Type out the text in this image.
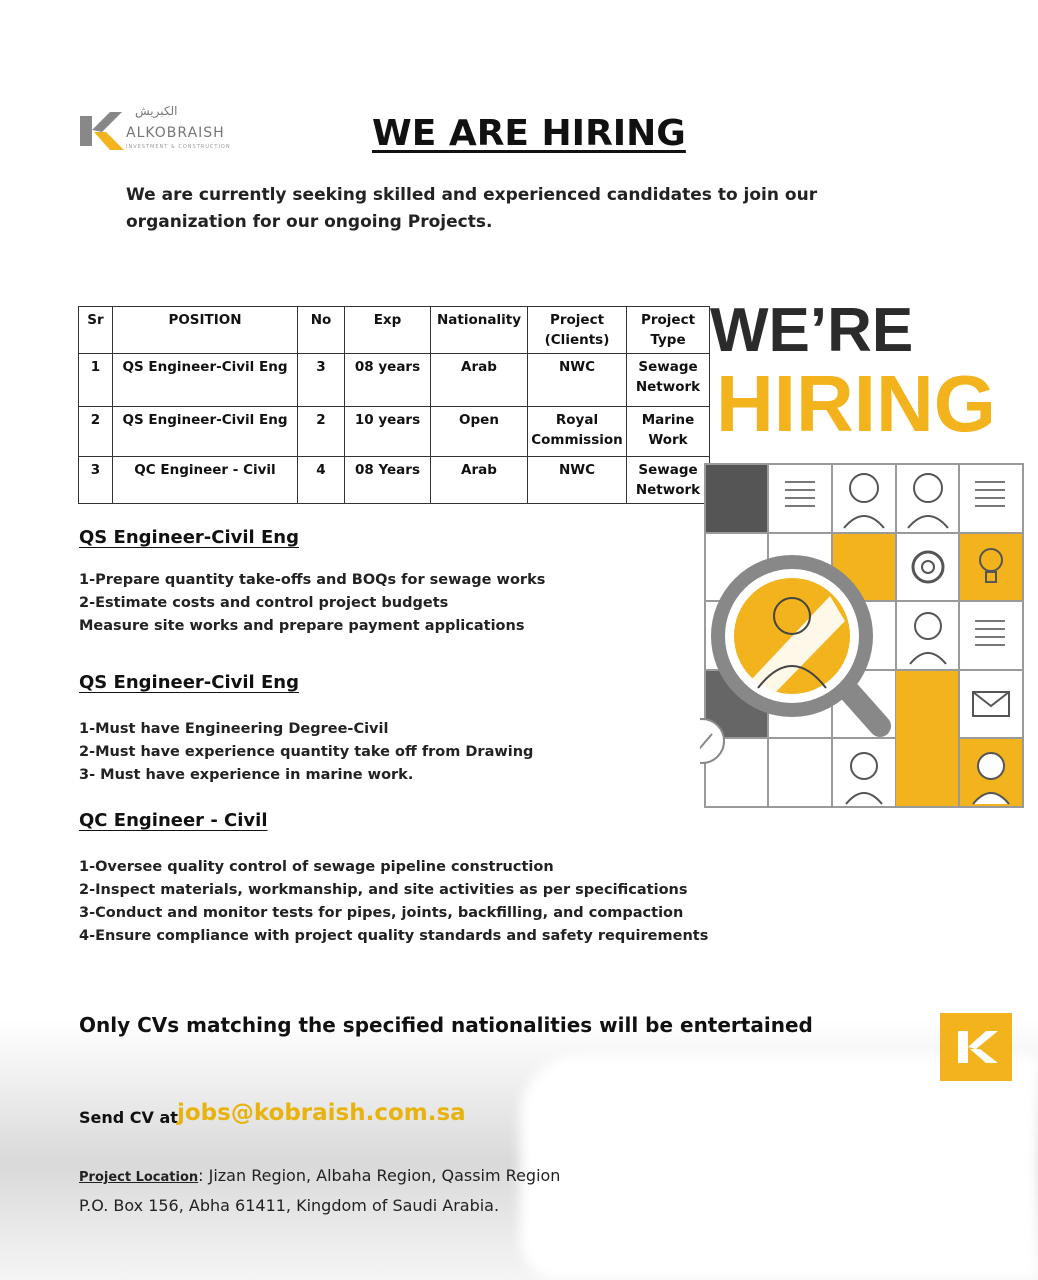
الكبريش
ALKOBRAISH
INVESTMENT & CONSTRUCTION	WE ARE HIRING
We are currently seeking skilled and experienced candidates to join our organization for our ongoing Projects.
Sr	POSITION	No	Exp	Nationality	Project (Clients)	Project Type
1	QS Engineer-Civil Eng	3	08 years	Arab	NWC	Sewage Network
2	QS Engineer-Civil Eng	2	10 years	Open	Royal Commission	Marine Work
3	QC Engineer - Civil	4	08 Years	Arab	NWC	Sewage Network
WE’RE
HIRING
QS Engineer-Civil Eng
1-Prepare quantity take-offs and BOQs for sewage works
2-Estimate costs and control project budgets
Measure site works and prepare payment applications
QS Engineer-Civil Eng
1-Must have Engineering Degree-Civil
2-Must have experience quantity take off from Drawing
3- Must have experience in marine work.
QC Engineer - Civil
1-Oversee quality control of sewage pipeline construction
2-Inspect materials, workmanship, and site activities as per specifications
3-Conduct and monitor tests for pipes, joints, backfilling, and compaction
4-Ensure compliance with project quality standards and safety requirements
Only CVs matching the specified nationalities will be entertained
Send CV at:
jobs@kobraish.com.sa
Project Location: Jizan Region, Albaha Region, Qassim Region
P.O. Box 156, Abha 61411, Kingdom of Saudi Arabia.
